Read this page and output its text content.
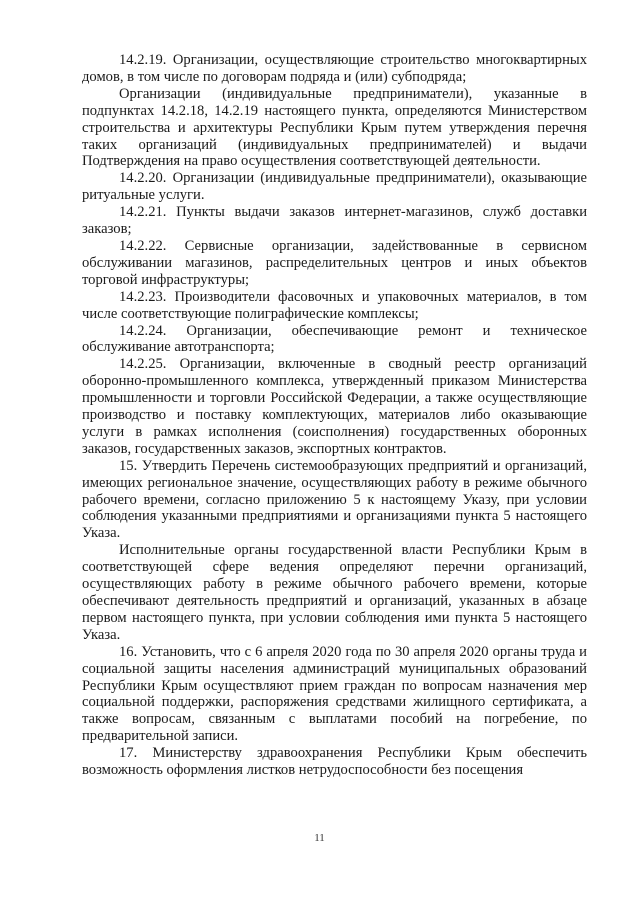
14.2.19. Организации, осуществляющие строительство многоквартирных домов, в том числе по договорам подряда и (или) субподряда;

Организации (индивидуальные предприниматели), указанные в подпунктах 14.2.18, 14.2.19 настоящего пункта, определяются Министерством строительства и архитектуры Республики Крым путем утверждения перечня таких организаций (индивидуальных предпринимателей) и выдачи Подтверждения на право осуществления соответствующей деятельности.

14.2.20. Организации (индивидуальные предприниматели), оказывающие ритуальные услуги.

14.2.21. Пункты выдачи заказов интернет-магазинов, служб доставки заказов;

14.2.22. Сервисные организации, задействованные в сервисном обслуживании магазинов, распределительных центров и иных объектов торговой инфраструктуры;

14.2.23. Производители фасовочных и упаковочных материалов, в том числе соответствующие полиграфические комплексы;

14.2.24. Организации, обеспечивающие ремонт и техническое обслуживание автотранспорта;

14.2.25. Организации, включенные в сводный реестр организаций оборонно-промышленного комплекса, утвержденный приказом Министерства промышленности и торговли Российской Федерации, а также осуществляющие производство и поставку комплектующих, материалов либо оказывающие услуги в рамках исполнения (соисполнения) государственных оборонных заказов, государственных заказов, экспортных контрактов.

15. Утвердить Перечень системообразующих предприятий и организаций, имеющих региональное значение, осуществляющих работу в режиме обычного рабочего времени, согласно приложению 5 к настоящему Указу, при условии соблюдения указанными предприятиями и организациями пункта 5 настоящего Указа.

Исполнительные органы государственной власти Республики Крым в соответствующей сфере ведения определяют перечни организаций, осуществляющих работу в режиме обычного рабочего времени, которые обеспечивают деятельность предприятий и организаций, указанных в абзаце первом настоящего пункта, при условии соблюдения ими пункта 5 настоящего Указа.

16. Установить, что с 6 апреля 2020 года по 30 апреля 2020 органы труда и социальной защиты населения администраций муниципальных образований Республики Крым осуществляют прием граждан по вопросам назначения мер социальной поддержки, распоряжения средствами жилищного сертификата, а также вопросам, связанным с выплатами пособий на погребение, по предварительной записи.

17. Министерству здравоохранения Республики Крым обеспечить возможность оформления листков нетрудоспособности без посещения

11
